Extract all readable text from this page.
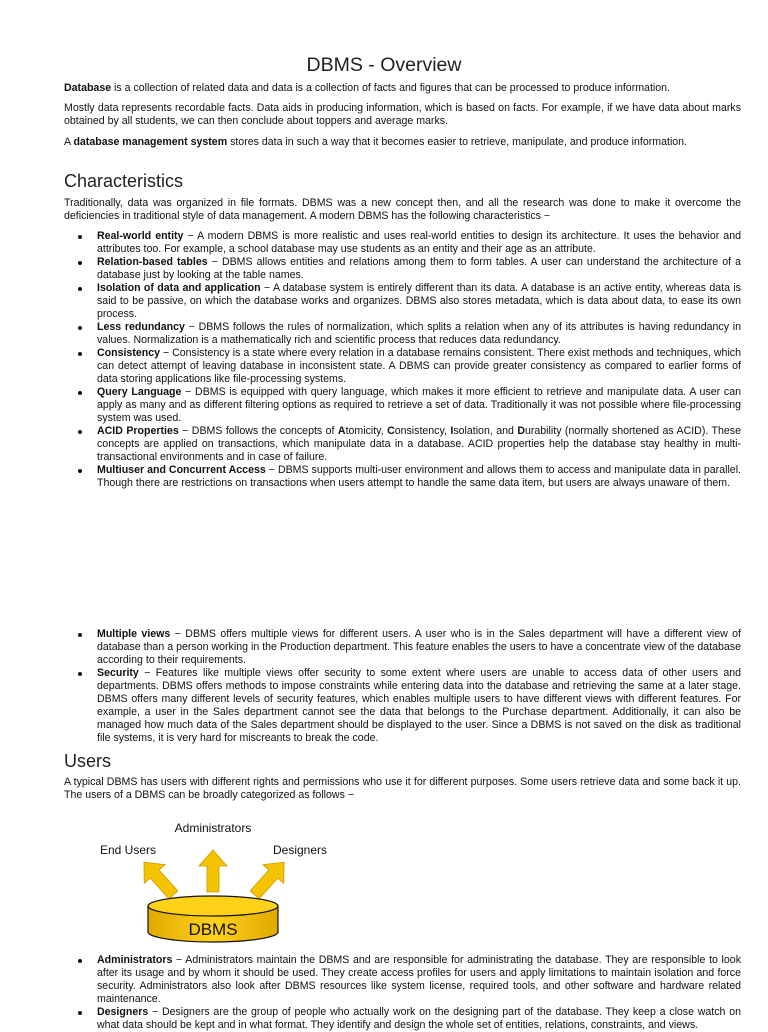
DBMS - Overview

Database is a collection of related data and data is a collection of facts and figures that can be processed to produce information.

Mostly data represents recordable facts. Data aids in producing information, which is based on facts. For example, if we have data about marks obtained by all students, we can then conclude about toppers and average marks.

A database management system stores data in such a way that it becomes easier to retrieve, manipulate, and produce information.

Characteristics

Traditionally, data was organized in file formats. DBMS was a new concept then, and all the research was done to make it overcome the deficiencies in traditional style of data management. A modern DBMS has the following characteristics −

Real-world entity − A modern DBMS is more realistic and uses real-world entities to design its architecture. It uses the behavior and attributes too. For example, a school database may use students as an entity and their age as an attribute.
Relation-based tables − DBMS allows entities and relations among them to form tables. A user can understand the architecture of a database just by looking at the table names.
Isolation of data and application − A database system is entirely different than its data. A database is an active entity, whereas data is said to be passive, on which the database works and organizes. DBMS also stores metadata, which is data about data, to ease its own process.
Less redundancy − DBMS follows the rules of normalization, which splits a relation when any of its attributes is having redundancy in values. Normalization is a mathematically rich and scientific process that reduces data redundancy.
Consistency − Consistency is a state where every relation in a database remains consistent. There exist methods and techniques, which can detect attempt of leaving database in inconsistent state. A DBMS can provide greater consistency as compared to earlier forms of data storing applications like file-processing systems.
Query Language − DBMS is equipped with query language, which makes it more efficient to retrieve and manipulate data. A user can apply as many and as different filtering options as required to retrieve a set of data. Traditionally it was not possible where file-processing system was used.
ACID Properties − DBMS follows the concepts of Atomicity, Consistency, Isolation, and Durability (normally shortened as ACID). These concepts are applied on transactions, which manipulate data in a database. ACID properties help the database stay healthy in multi-transactional environments and in case of failure.
Multiuser and Concurrent Access − DBMS supports multi-user environment and allows them to access and manipulate data in parallel. Though there are restrictions on transactions when users attempt to handle the same data item, but users are always unaware of them.
Multiple views − DBMS offers multiple views for different users. A user who is in the Sales department will have a different view of database than a person working in the Production department. This feature enables the users to have a concentrate view of the database according to their requirements.
Security − Features like multiple views offer security to some extent where users are unable to access data of other users and departments. DBMS offers methods to impose constraints while entering data into the database and retrieving the same at a later stage. DBMS offers many different levels of security features, which enables multiple users to have different views with different features. For example, a user in the Sales department cannot see the data that belongs to the Purchase department. Additionally, it can also be managed how much data of the Sales department should be displayed to the user. Since a DBMS is not saved on the disk as traditional file systems, it is very hard for miscreants to break the code.
Users

A typical DBMS has users with different rights and permissions who use it for different purposes. Some users retrieve data and some back it up. The users of a DBMS can be broadly categorized as follows −

Administrators
End Users	Designers
DBMS
Administrators − Administrators maintain the DBMS and are responsible for administrating the database. They are responsible to look after its usage and by whom it should be used. They create access profiles for users and apply limitations to maintain isolation and force security. Administrators also look after DBMS resources like system license, required tools, and other software and hardware related maintenance.
Designers − Designers are the group of people who actually work on the designing part of the database. They keep a close watch on what data should be kept and in what format. They identify and design the whole set of entities, relations, constraints, and views.
